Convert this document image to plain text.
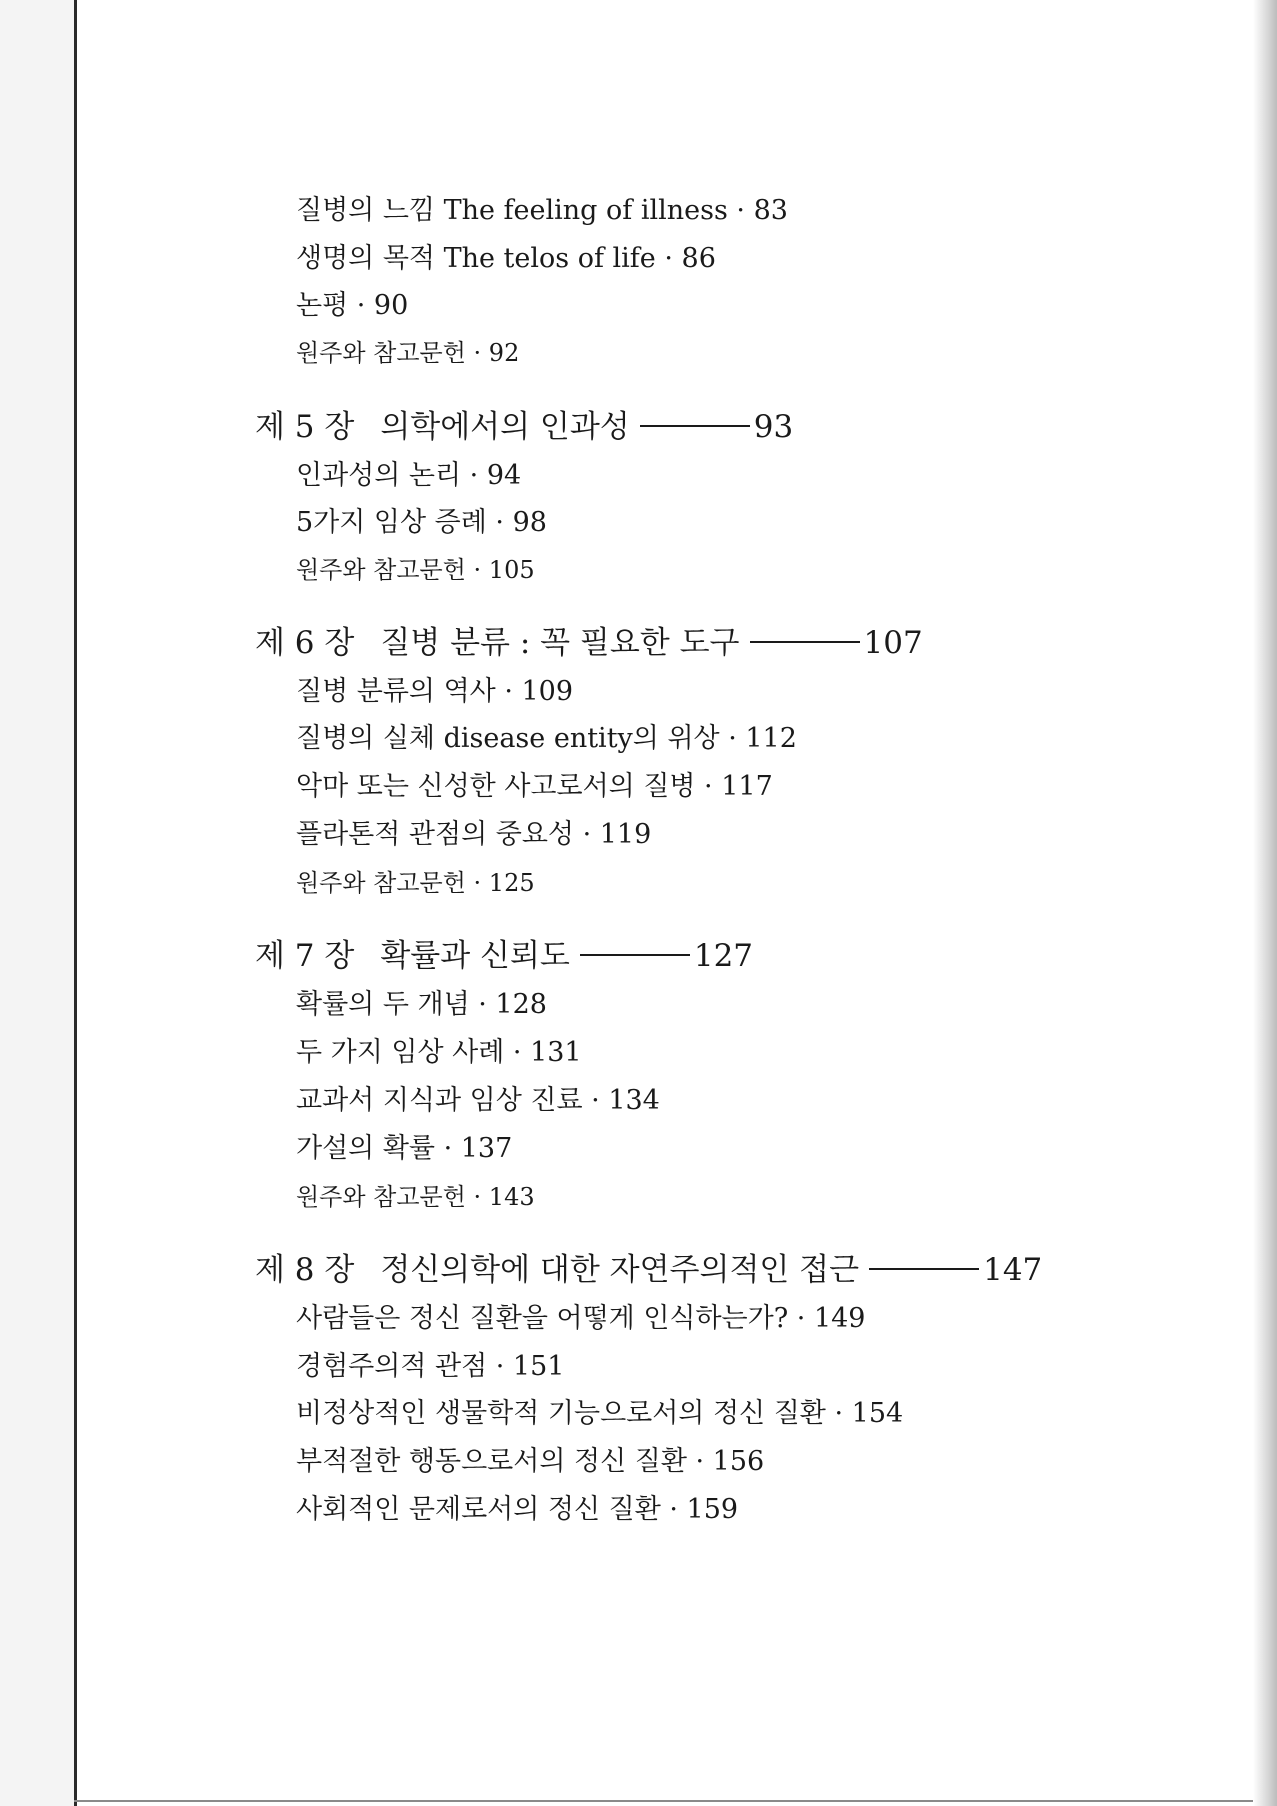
질병의 느낌 The feeling of illness · 83
생명의 목적 The telos of life · 86
논평 · 90
원주와 참고문헌 · 92
제 5 장 의학에서의 인과성	93
인과성의 논리 · 94
5가지 임상 증례 · 98
원주와 참고문헌 · 105
제 6 장 질병 분류 : 꼭 필요한 도구	107
질병 분류의 역사 · 109
질병의 실체 disease entity의 위상 · 112
악마 또는 신성한 사고로서의 질병 · 117
플라톤적 관점의 중요성 · 119
원주와 참고문헌 · 125
제 7 장 확률과 신뢰도	127
확률의 두 개념 · 128
두 가지 임상 사례 · 131
교과서 지식과 임상 진료 · 134
가설의 확률 · 137
원주와 참고문헌 · 143
제 8 장 정신의학에 대한 자연주의적인 접근	147
사람들은 정신 질환을 어떻게 인식하는가? · 149
경험주의적 관점 · 151
비정상적인 생물학적 기능으로서의 정신 질환 · 154
부적절한 행동으로서의 정신 질환 · 156
사회적인 문제로서의 정신 질환 · 159
